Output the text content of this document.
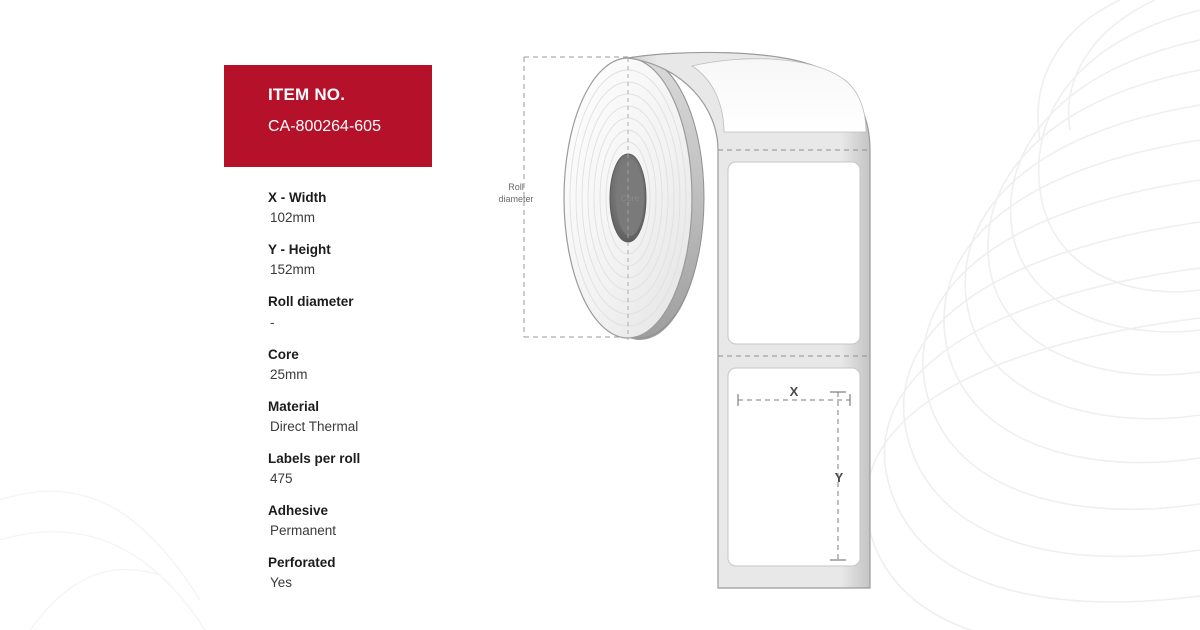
ITEM NO.
CA-800264-605
X - Width
102mm
Y - Height
152mm
Roll diameter
-
Core
25mm
Material
Direct Thermal
Labels per roll
475
Adhesive
Permanent
Perforated
Yes
Roll
diameter	Core
X
Y
